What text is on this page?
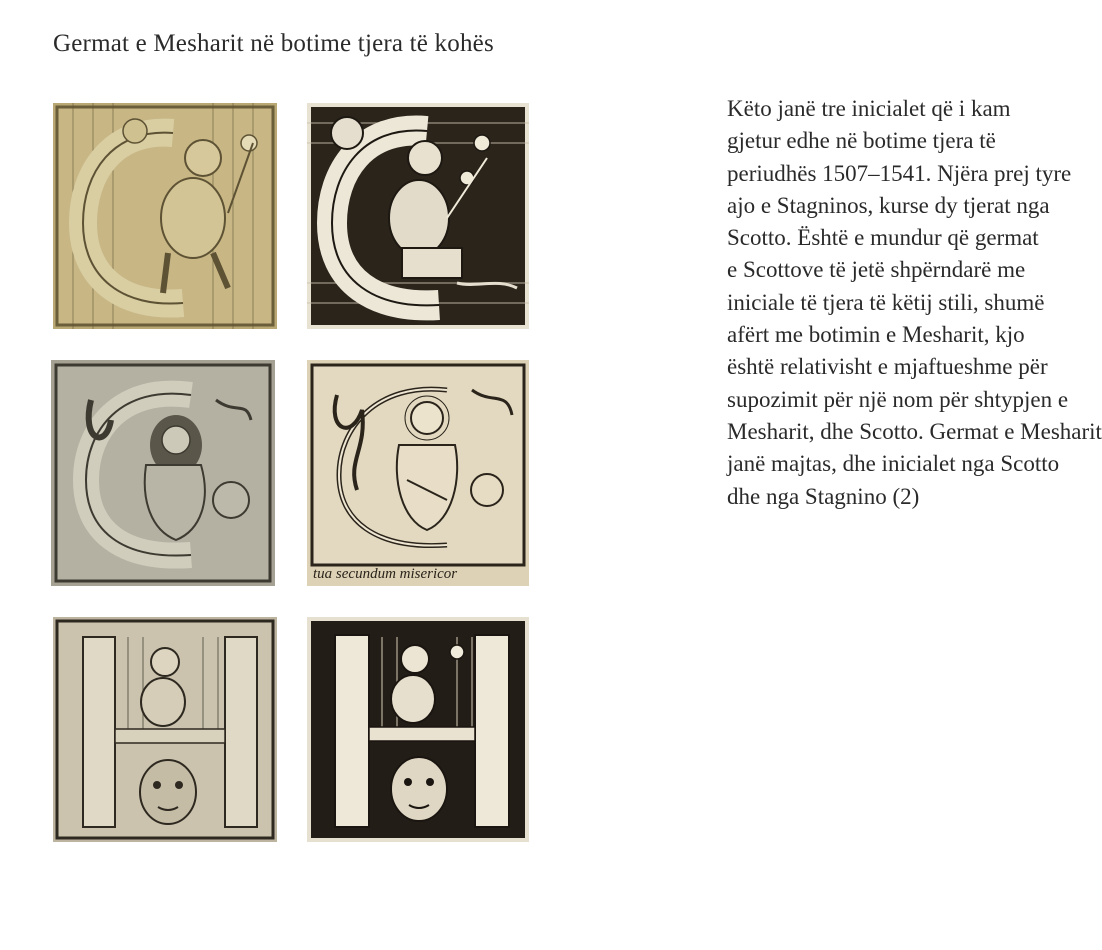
Germat e Mesharit në botime tjera të kohës
tua secundum misericor
Këto janë tre inicialet që i kam
gjetur edhe në botime tjera të
periudhës 1507–1541. Njëra prej tyre
ajo e Stagninos, kurse dy tjerat nga
Scotto. Është e mundur që germat
e Scottove të jetë shpërndarë me
iniciale të tjera të këtij stili, shumë
afërt me botimin e Mesharit, kjo
është relativisht e mjaftueshme për
supozimit për një nom për shtypjen e
Mesharit, dhe Scotto. Germat e Mesharit
janë majtas, dhe inicialet nga Scotto
dhe nga Stagnino (2)
